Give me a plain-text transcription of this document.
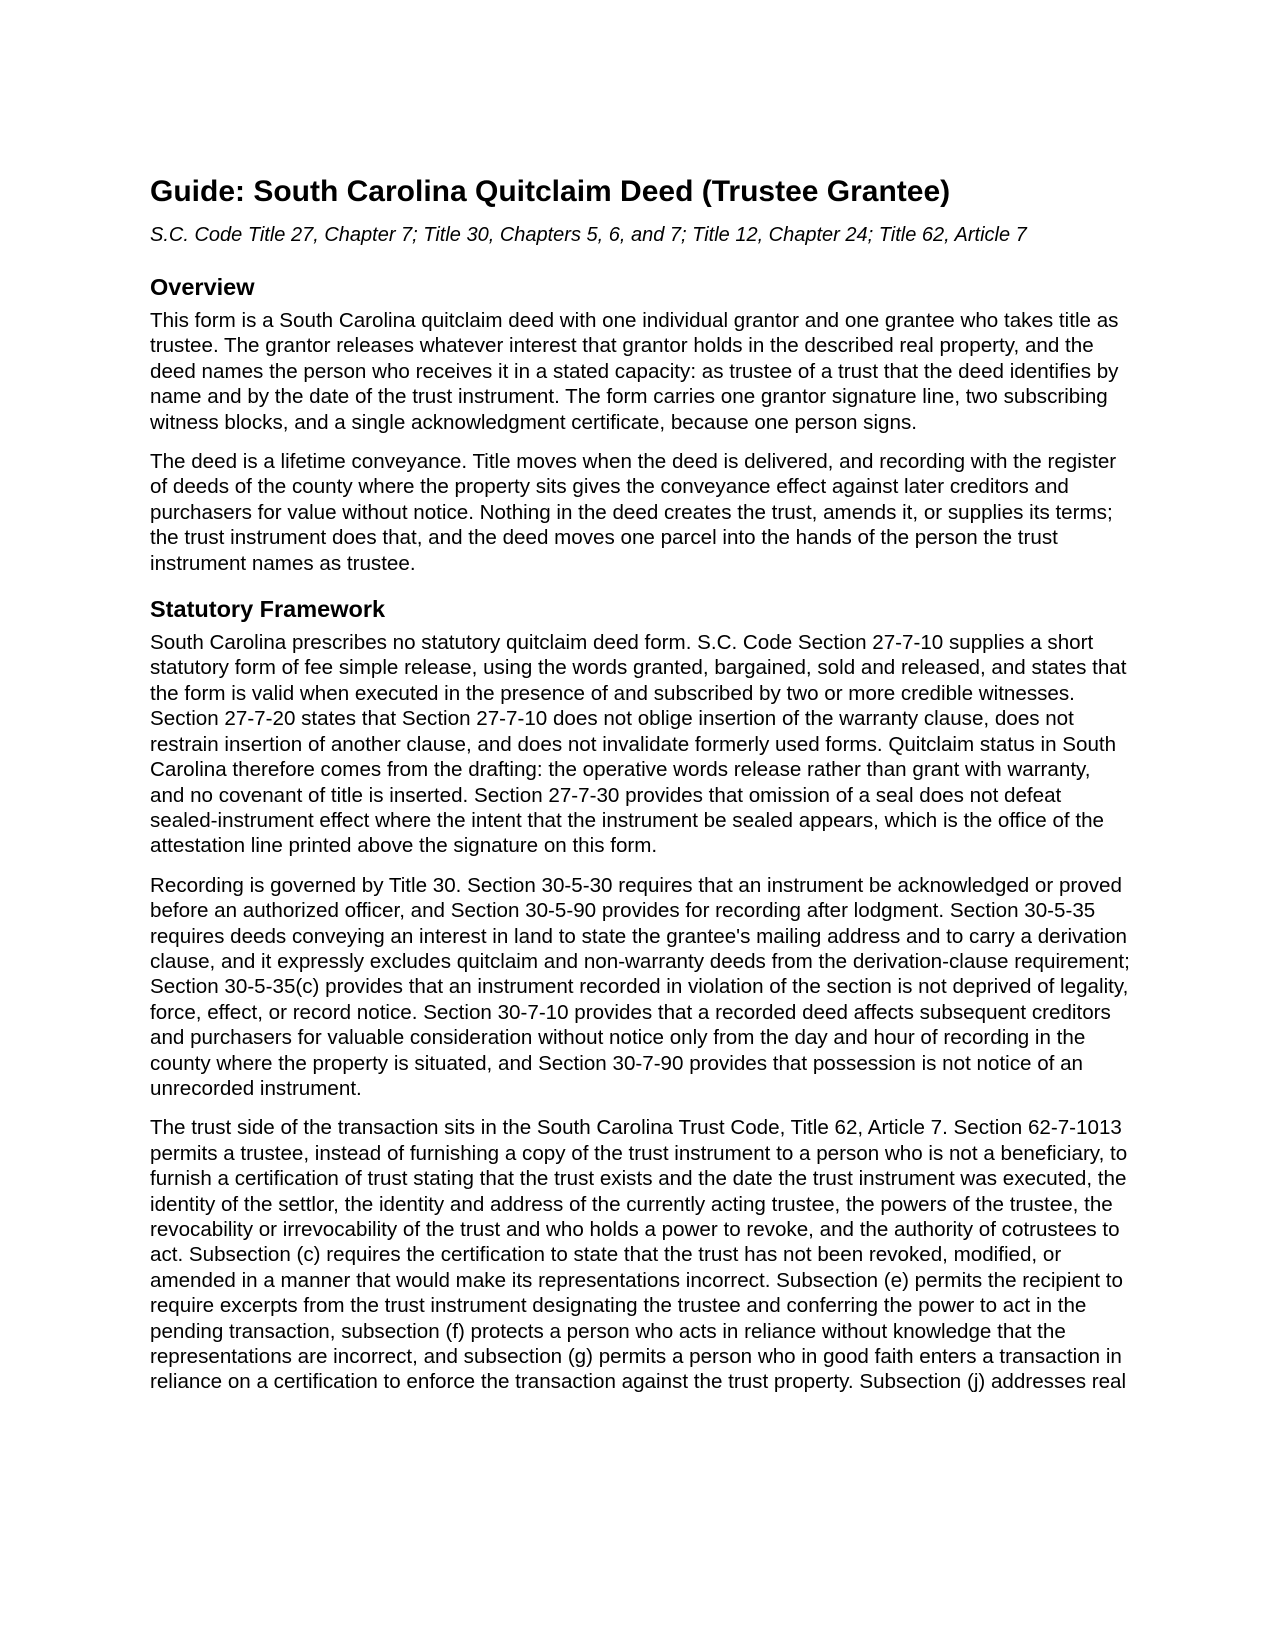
Guide: South Carolina Quitclaim Deed (Trustee Grantee)
S.C. Code Title 27, Chapter 7; Title 30, Chapters 5, 6, and 7; Title 12, Chapter 24; Title 62, Article 7
Overview

This form is a South Carolina quitclaim deed with one individual grantor and one grantee who takes title as trustee. The grantor releases whatever interest that grantor holds in the described real property, and the deed names the person who receives it in a stated capacity: as trustee of a trust that the deed identifies by name and by the date of the trust instrument. The form carries one grantor signature line, two subscribing witness blocks, and a single acknowledgment certificate, because one person signs.

The deed is a lifetime conveyance. Title moves when the deed is delivered, and recording with the register of deeds of the county where the property sits gives the conveyance effect against later creditors and purchasers for value without notice. Nothing in the deed creates the trust, amends it, or supplies its terms; the trust instrument does that, and the deed moves one parcel into the hands of the person the trust instrument names as trustee.

Statutory Framework

South Carolina prescribes no statutory quitclaim deed form. S.C. Code Section 27-7-10 supplies a short statutory form of fee simple release, using the words granted, bargained, sold and released, and states that the form is valid when executed in the presence of and subscribed by two or more credible witnesses. Section 27-7-20 states that Section 27-7-10 does not oblige insertion of the warranty clause, does not restrain insertion of another clause, and does not invalidate formerly used forms. Quitclaim status in South Carolina therefore comes from the drafting: the operative words release rather than grant with warranty, and no covenant of title is inserted. Section 27-7-30 provides that omission of a seal does not defeat sealed-instrument effect where the intent that the instrument be sealed appears, which is the office of the attestation line printed above the signature on this form.

Recording is governed by Title 30. Section 30-5-30 requires that an instrument be acknowledged or proved before an authorized officer, and Section 30-5-90 provides for recording after lodgment. Section 30-5-35 requires deeds conveying an interest in land to state the grantee's mailing address and to carry a derivation clause, and it expressly excludes quitclaim and non-warranty deeds from the derivation-clause requirement; Section 30-5-35(c) provides that an instrument recorded in violation of the section is not deprived of legality, force, effect, or record notice. Section 30-7-10 provides that a recorded deed affects subsequent creditors and purchasers for valuable consideration without notice only from the day and hour of recording in the county where the property is situated, and Section 30-7-90 provides that possession is not notice of an unrecorded instrument.

The trust side of the transaction sits in the South Carolina Trust Code, Title 62, Article 7. Section 62-7-1013 permits a trustee, instead of furnishing a copy of the trust instrument to a person who is not a beneficiary, to furnish a certification of trust stating that the trust exists and the date the trust instrument was executed, the identity of the settlor, the identity and address of the currently acting trustee, the powers of the trustee, the revocability or irrevocability of the trust and who holds a power to revoke, and the authority of cotrustees to act. Subsection (c) requires the certification to state that the trust has not been revoked, modified, or amended in a manner that would make its representations incorrect. Subsection (e) permits the recipient to require excerpts from the trust instrument designating the trustee and conferring the power to act in the pending transaction, subsection (f) protects a person who acts in reliance without knowledge that the representations are incorrect, and subsection (g) permits a person who in good faith enters a transaction in reliance on a certification to enforce the transaction against the trust property. Subsection (j) addresses real
